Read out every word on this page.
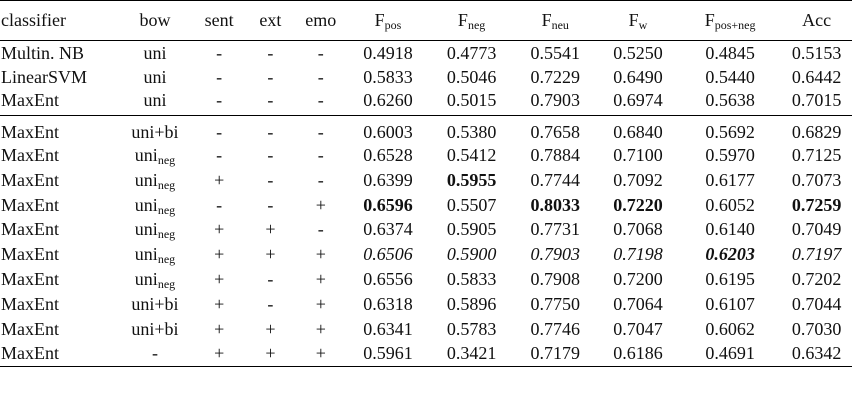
classifier	bow	sent	ext	emo	$F_{pos}$	$F_{neg}$	$F_{neu}$	$F_w$	$F_{pos+neg}$	Acc
Multin. NB	uni	-	-	-	0.4918	0.4773	0.5541	0.5250	0.4845	0.5153
LinearSVM	uni	-	-	-	0.5833	0.5046	0.7229	0.6490	0.5440	0.6442
MaxEnt	uni	-	-	-	0.6260	0.5015	0.7903	0.6974	0.5638	0.7015
MaxEnt	uni+bi	-	-	-	0.6003	0.5380	0.7658	0.6840	0.5692	0.6829
MaxEnt	uni$_{neg}$	-	-	-	0.6528	0.5412	0.7884	0.7100	0.5970	0.7125
MaxEnt	uni$_{neg}$	+	-	-	0.6399	0.5955	0.7744	0.7092	0.6177	0.7073
MaxEnt	uni$_{neg}$	-	-	+	0.6596	0.5507	0.8033	0.7220	0.6052	0.7259
MaxEnt	uni$_{neg}$	+	+	-	0.6374	0.5905	0.7731	0.7068	0.6140	0.7049
MaxEnt	uni$_{neg}$	+	+	+	0.6506	0.5900	0.7903	0.7198	0.6203	0.7197
MaxEnt	uni$_{neg}$	+	-	+	0.6556	0.5833	0.7908	0.7200	0.6195	0.7202
MaxEnt	uni+bi	+	-	+	0.6318	0.5896	0.7750	0.7064	0.6107	0.7044
MaxEnt	uni+bi	+	+	+	0.6341	0.5783	0.7746	0.7047	0.6062	0.7030
MaxEnt	-	+	+	+	0.5961	0.3421	0.7179	0.6186	0.4691	0.6342
